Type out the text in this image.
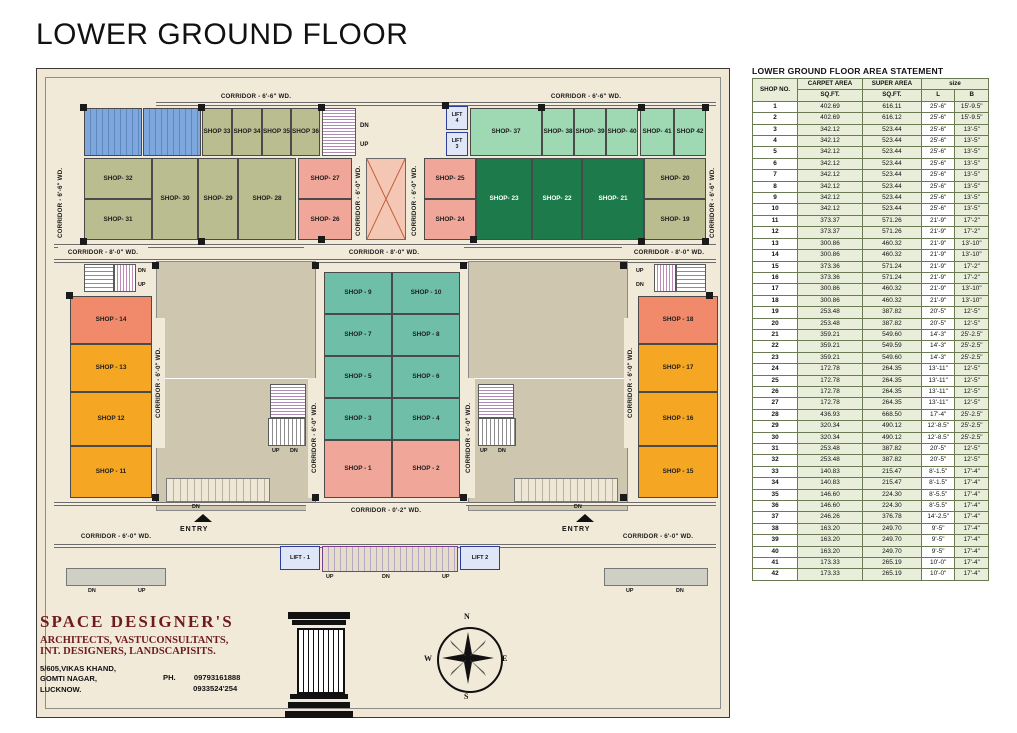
LOWER GROUND FLOOR
CORRIDOR - 6'-6" WD.	CORRIDOR - 6'-6" WD.
CORRIDOR - 6'-6" WD.	CORRIDOR - 6'-6" WD.
SHOP 33 SHOP 34 SHOP 35 SHOP 36
DN
UP
LIFT
4
LIFT
3
SHOP- 37	SHOP- 38 SHOP- 39 SHOP- 40 SHOP- 41 SHOP 42
SHOP- 32
SHOP- 31
SHOP- 30	SHOP- 29	SHOP- 28
SHOP- 27
SHOP- 26	CORRIDOR - 6'-0" WD.	CORRIDOR - 6'-0" WD.	SHOP- 25
SHOP- 24
SHOP- 23	SHOP- 22	SHOP- 21
SHOP- 20
SHOP- 19
CORRIDOR - 8'-0" WD.	CORRIDOR - 8'-0" WD.	CORRIDOR - 8'-0" WD.
DN
UP
UP
DN
SHOP - 14
SHOP - 13
SHOP 12
SHOP - 11
CORRIDOR - 6'-0" WD.
SHOP - 18
SHOP - 17
SHOP - 16
SHOP - 15
CORRIDOR - 6'-0" WD.
SHOP - 9	SHOP - 10
SHOP - 7	SHOP - 8
SHOP - 5	SHOP - 6
SHOP - 3	SHOP - 4
SHOP - 1	SHOP - 2
CORRIDOR - 6'-0" WD.	CORRIDOR - 6'-0" WD.
UP DN	UP DN
CORRIDOR - 0'-2" WD.
ENTRY
DN
ENTRY
DN
CORRIDOR - 6'-0" WD.	CORRIDOR - 6'-0" WD.
LIFT - 1	LIFT 2
UP	DN	UP
DN	UP	UP	DN
LOWER GROUND FLOOR AREA STATEMENT
SHOP NO.	CARPET AREA	SUPER AREA	size	
	SQ.FT.	SQ.FT.	L	B
1	402.69	616.11	25'-6"	15'-9.5"
2	402.69	616.12	25'-6"	15'-9.5"
3	342.12	523.44	25'-6"	13'-5"
4	342.12	523.44	25'-6"	13'-5"
5	342.12	523.44	25'-6"	13'-5"
6	342.12	523.44	25'-6"	13'-5"
7	342.12	523.44	25'-6"	13'-5"
8	342.12	523.44	25'-6"	13'-5"
9	342.12	523.44	25'-6"	13'-5"
10	342.12	523.44	25'-6"	13'-5"
11	373.37	571.26	21'-9"	17'-2"
12	373.37	571.26	21'-9"	17'-2"
13	300.86	460.32	21'-9"	13'-10"
14	300.86	460.32	21'-9"	13'-10"
15	373.36	571.24	21'-9"	17'-2"
16	373.36	571.24	21'-9"	17'-2"
17	300.86	460.32	21'-9"	13'-10"
18	300.86	460.32	21'-9"	13'-10"
19	253.48	387.82	20'-5"	12'-5"
20	253.48	387.82	20'-5"	12'-5"
21	359.21	549.60	14'-3"	25'-2.5"
22	359.21	549.59	14'-3"	25'-2.5"
23	359.21	549.60	14'-3"	25'-2.5"
24	172.78	264.35	13'-11"	12'-5"
25	172.78	264.35	13'-11"	12'-5"
26	172.78	264.35	13'-11"	12'-5"
27	172.78	264.35	13'-11"	12'-5"
28	436.93	668.50	17'-4"	25'-2.5"
29	320.34	490.12	12'-8.5"	25'-2.5"
30	320.34	490.12	12'-8.5"	25'-2.5"
31	253.48	387.82	20'-5"	12'-5"
32	253.48	387.82	20'-5"	12'-5"
33	140.83	215.47	8'-1.5"	17'-4"
34	140.83	215.47	8'-1.5"	17'-4"
35	146.60	224.30	8'-5.5"	17'-4"
36	146.60	224.30	8'-5.5"	17'-4"
37	246.26	376.78	14'-2.5"	17'-4"
38	163.20	249.70	9'-5"	17'-4"
39	163.20	249.70	9'-5"	17'-4"
40	163.20	249.70	9'-5"	17'-4"
41	173.33	265.19	10'-0"	17'-4"
42	173.33	265.19	10'-0"	17'-4"
SPACE DESIGNER'S
ARCHITECTS, VASTUCONSULTANTS,
INT. DESIGNERS, LANDSCAPISITS.
5/605,VIKAS KHAND,
GOMTI NAGAR,
LUCKNOW.
PH. 09793161888
0933524'254
N
S
E
W
